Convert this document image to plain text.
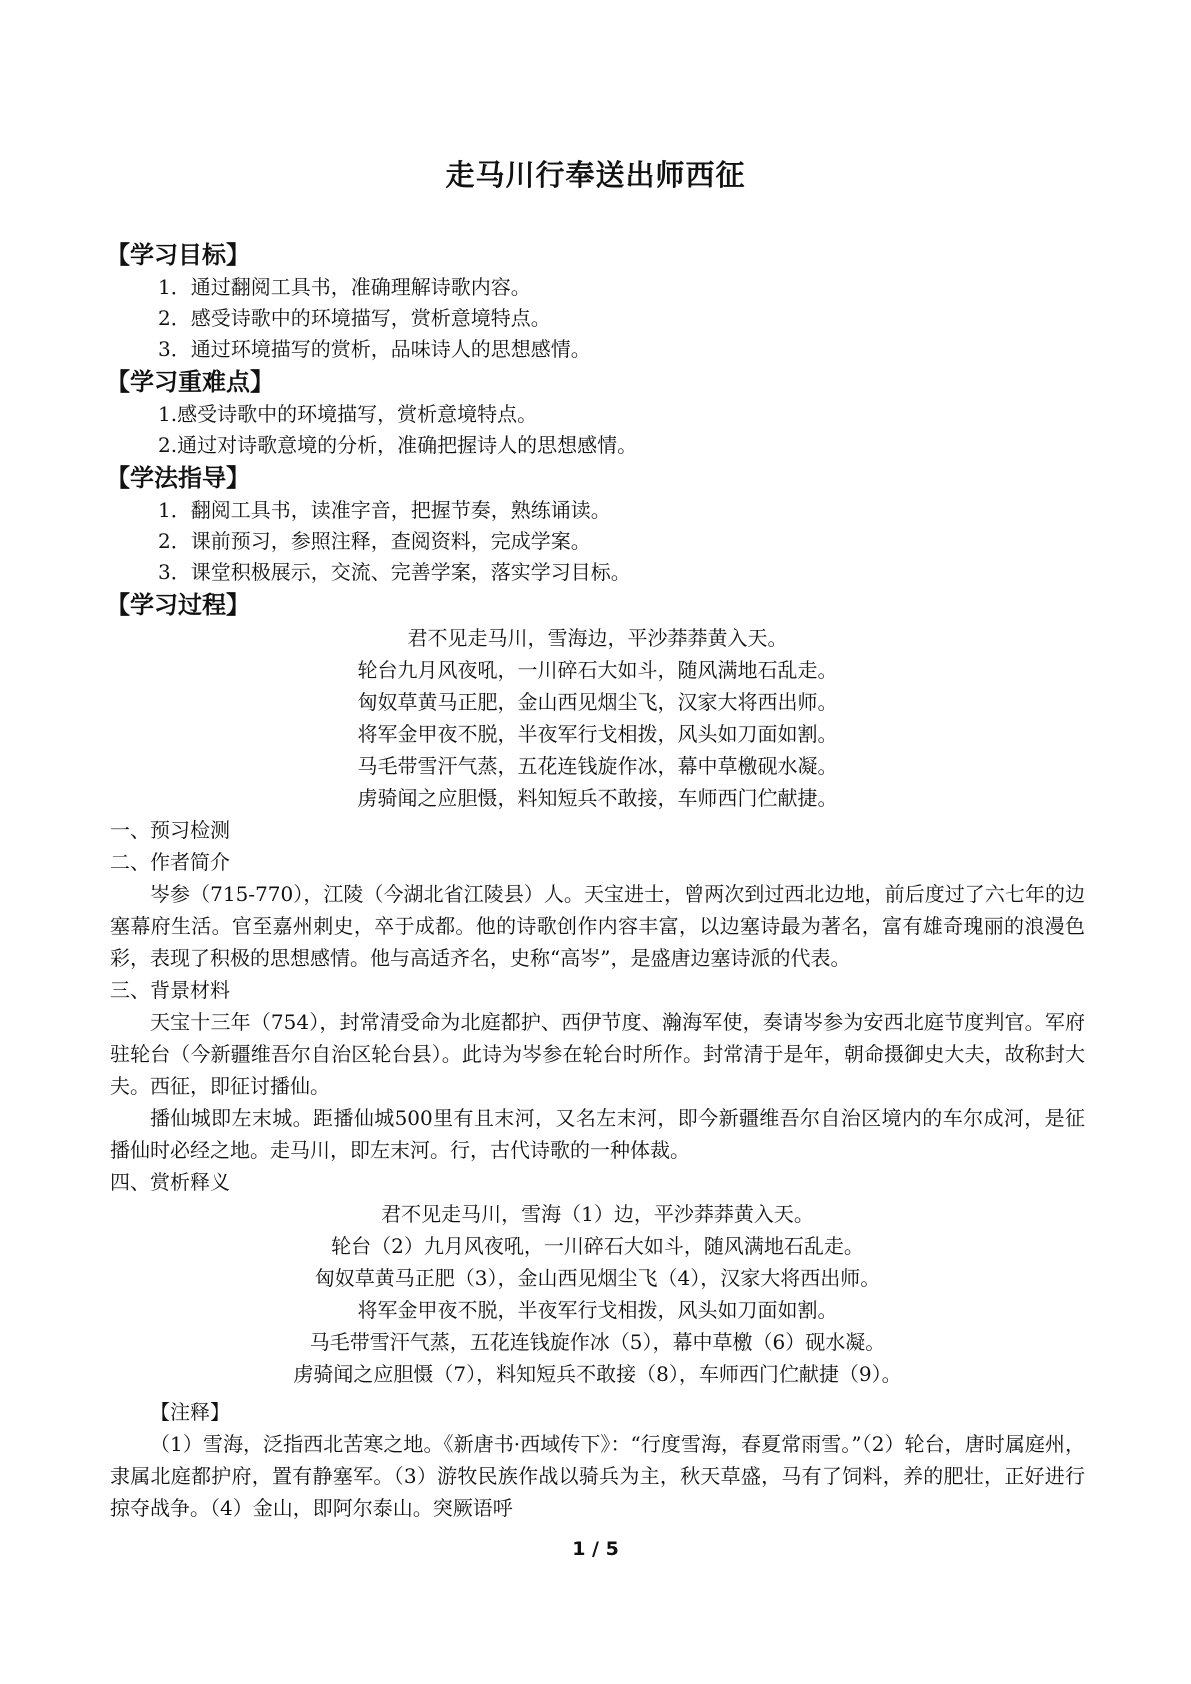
走马川行奉送出师西征
【学习目标】
1．通过翻阅工具书，准确理解诗歌内容。
2．感受诗歌中的环境描写，赏析意境特点。
3．通过环境描写的赏析，品味诗人的思想感情。
【学习重难点】
1.感受诗歌中的环境描写，赏析意境特点。
2.通过对诗歌意境的分析，准确把握诗人的思想感情。
【学法指导】
1．翻阅工具书，读准字音，把握节奏，熟练诵读。
2．课前预习，参照注释，查阅资料，完成学案。
3．课堂积极展示，交流、完善学案，落实学习目标。
【学习过程】
君不见走马川，雪海边，平沙莽莽黄入天。
轮台九月风夜吼，一川碎石大如斗，随风满地石乱走。
匈奴草黄马正肥，金山西见烟尘飞，汉家大将西出师。
将军金甲夜不脱，半夜军行戈相拨，风头如刀面如割。
马毛带雪汗气蒸，五花连钱旋作冰，幕中草檄砚水凝。
虏骑闻之应胆慑，料知短兵不敢接，车师西门伫献捷。
一、预习检测
二、作者简介
岑参（715-770），江陵（今湖北省江陵县）人。天宝进士，曾两次到过西北边地，前后度过了六七年的边塞幕府生活。官至嘉州刺史，卒于成都。他的诗歌创作内容丰富，以边塞诗最为著名，富有雄奇瑰丽的浪漫色彩，表现了积极的思想感情。他与高适齐名，史称“高岑”，是盛唐边塞诗派的代表。
三、背景材料
天宝十三年（754），封常清受命为北庭都护、西伊节度、瀚海军使，奏请岑参为安西北庭节度判官。军府驻轮台（今新疆维吾尔自治区轮台县）。此诗为岑参在轮台时所作。封常清于是年，朝命摄御史大夫，故称封大夫。西征，即征讨播仙。
播仙城即左末城。距播仙城500里有且末河，又名左末河，即今新疆维吾尔自治区境内的车尔成河，是征播仙时必经之地。走马川，即左末河。行，古代诗歌的一种体裁。
四、赏析释义
君不见走马川，雪海（1）边，平沙莽莽黄入天。
轮台（2）九月风夜吼，一川碎石大如斗，随风满地石乱走。
匈奴草黄马正肥（3），金山西见烟尘飞（4），汉家大将西出师。
将军金甲夜不脱，半夜军行戈相拨，风头如刀面如割。
马毛带雪汗气蒸，五花连钱旋作冰（5），幕中草檄（6）砚水凝。
虏骑闻之应胆慑（7），料知短兵不敢接（8），车师西门伫献捷（9）。
【注释】
（1）雪海，泛指西北苦寒之地。《新唐书·西域传下》：“行度雪海，春夏常雨雪。”（2）轮台，唐时属庭州，隶属北庭都护府，置有静塞军。（3）游牧民族作战以骑兵为主，秋天草盛，马有了饲料，养的肥壮，正好进行掠夺战争。（4）金山，即阿尔泰山。突厥语呼
1 / 5
